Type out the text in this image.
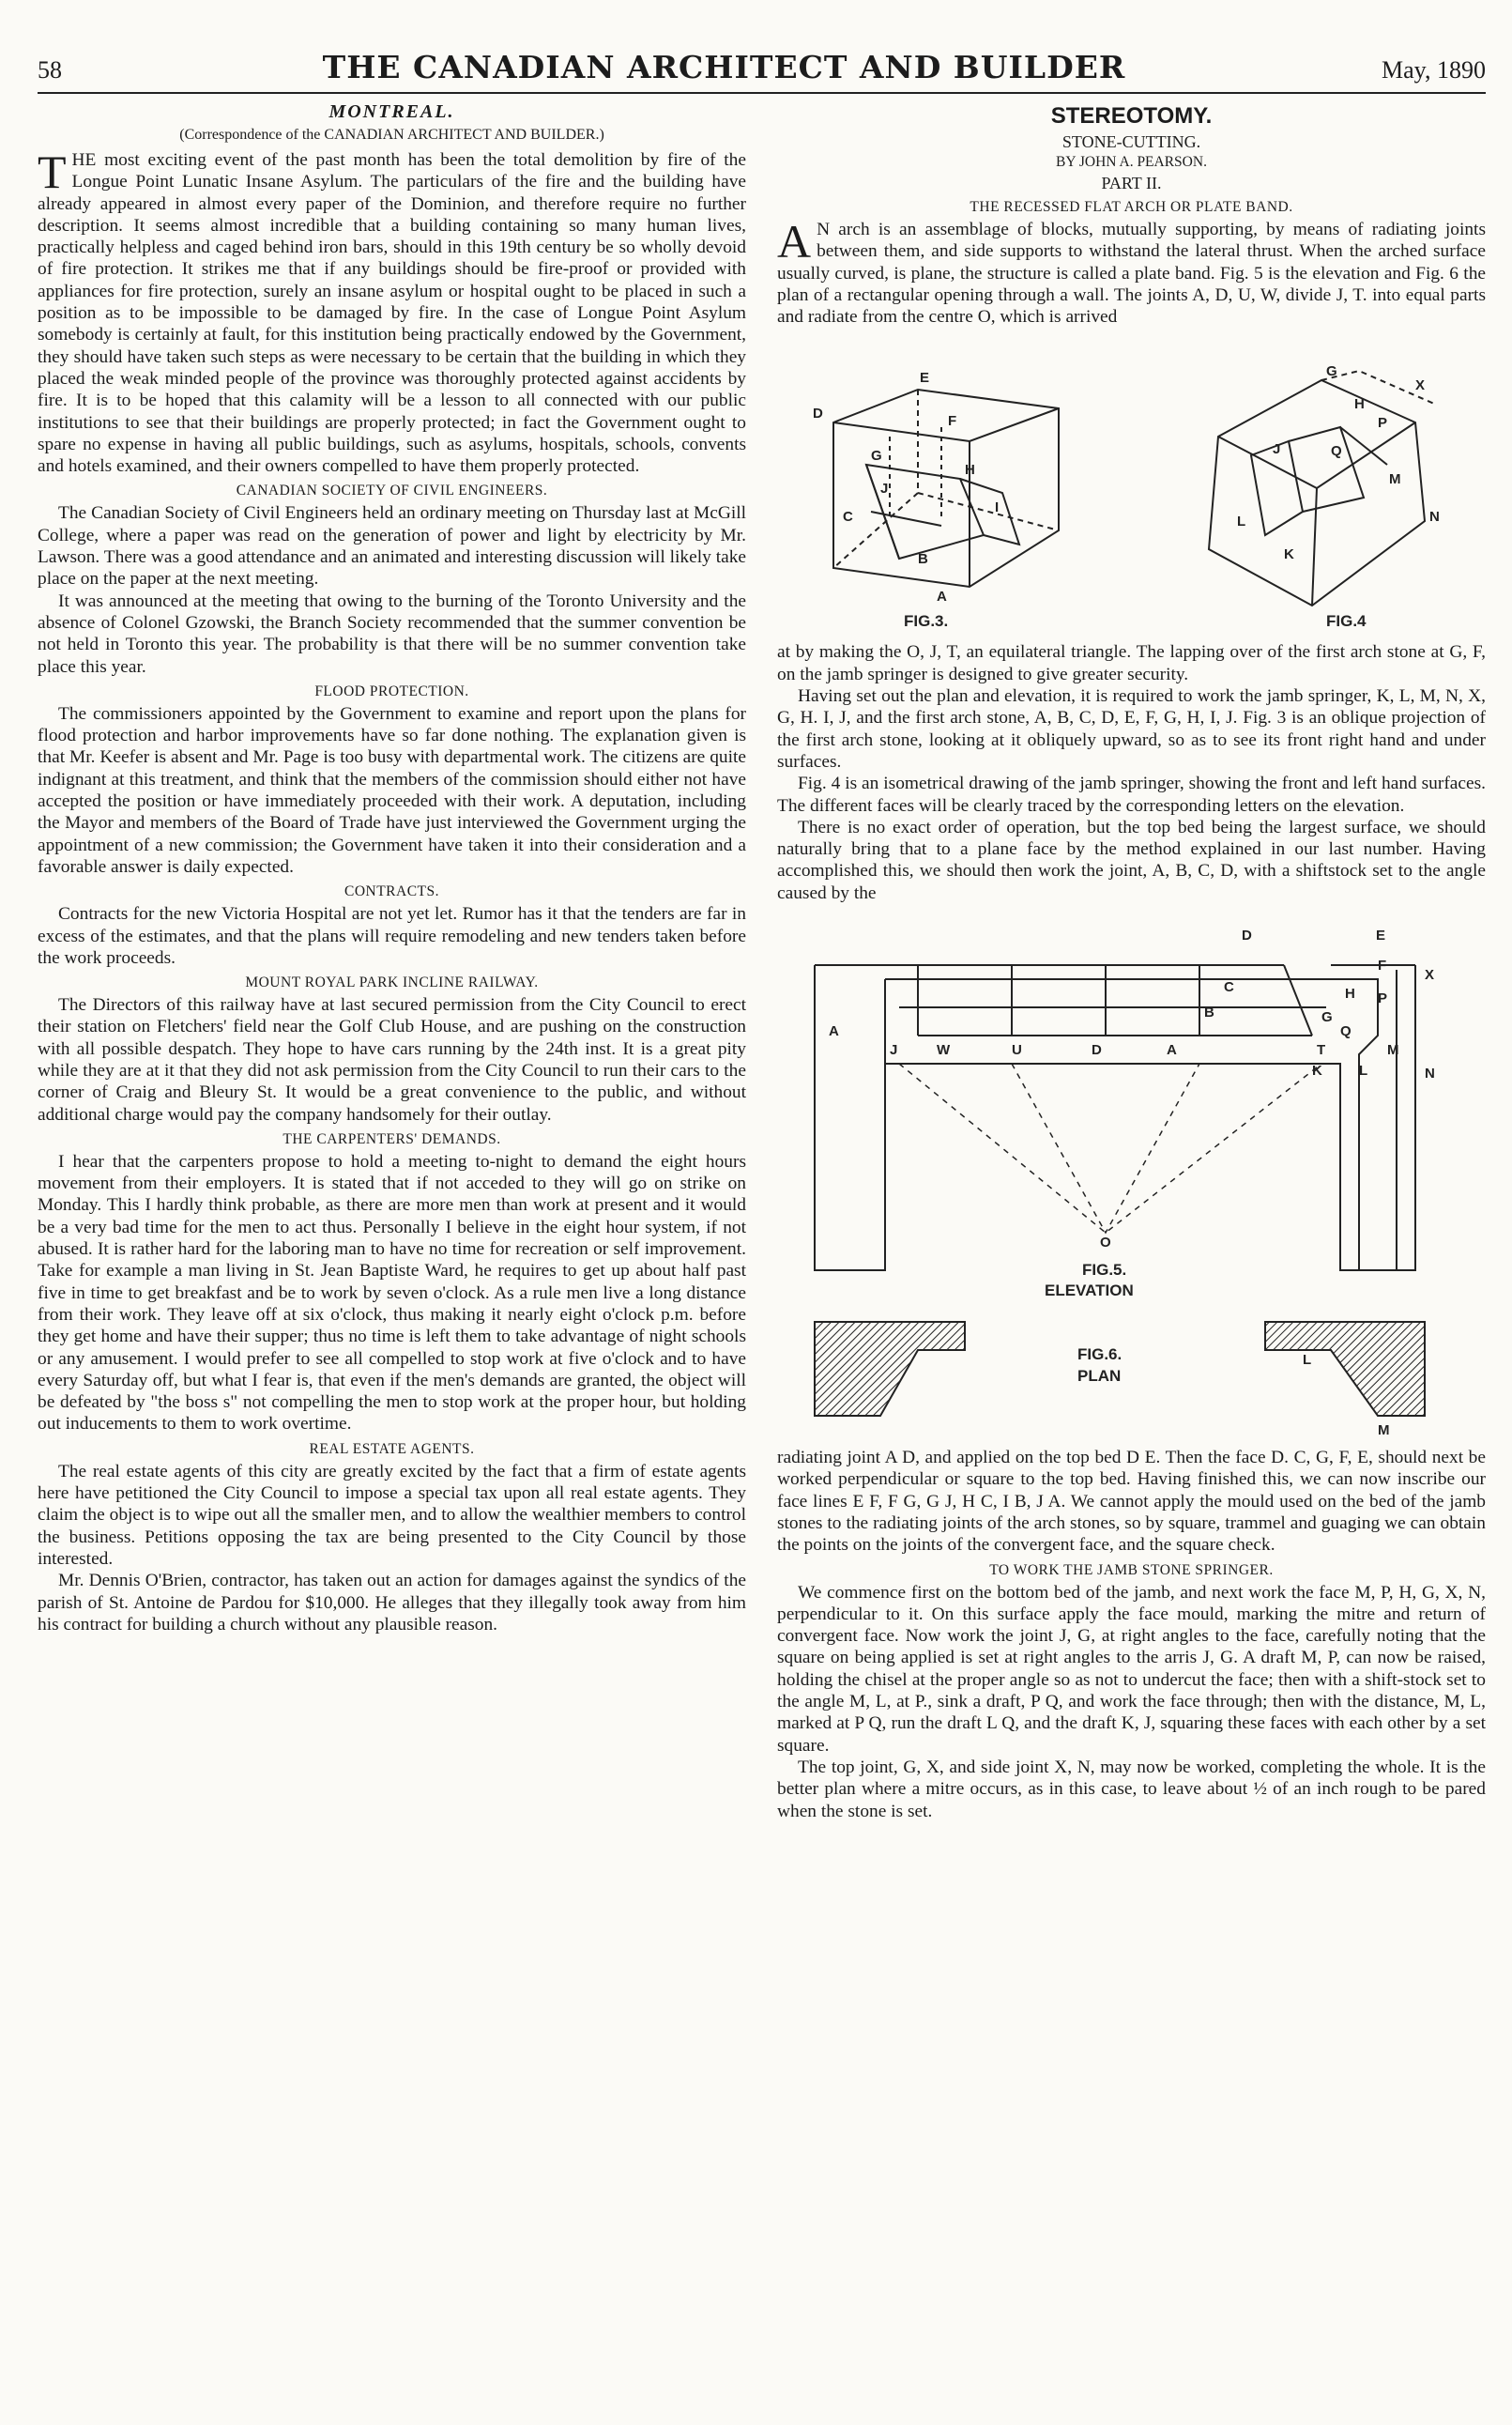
58	THE CANADIAN ARCHITECT AND BUILDER	May, 1890
MONTREAL.
(Correspondence of the CANADIAN ARCHITECT AND BUILDER.)

THE most exciting event of the past month has been the total demolition by fire of the Longue Point Lunatic Insane Asylum. The particulars of the fire and the building have already appeared in almost every paper of the Dominion, and therefore require no further description. It seems almost incredible that a building containing so many human lives, practically helpless and caged behind iron bars, should in this 19th century be so wholly devoid of fire protection. It strikes me that if any buildings should be fire-proof or provided with appliances for fire protection, surely an insane asylum or hospital ought to be placed in such a position as to be impossible to be damaged by fire. In the case of Longue Point Asylum somebody is certainly at fault, for this institution being practically endowed by the Government, they should have taken such steps as were necessary to be certain that the building in which they placed the weak minded people of the province was thoroughly protected against accidents by fire. It is to be hoped that this calamity will be a lesson to all connected with our public institutions to see that their buildings are properly protected; in fact the Government ought to spare no expense in having all public buildings, such as asylums, hospitals, schools, convents and hotels examined, and their owners compelled to have them properly protected.

CANADIAN SOCIETY OF CIVIL ENGINEERS.

The Canadian Society of Civil Engineers held an ordinary meeting on Thursday last at McGill College, where a paper was read on the generation of power and light by electricity by Mr. Lawson. There was a good attendance and an animated and interesting discussion will likely take place on the paper at the next meeting.

It was announced at the meeting that owing to the burning of the Toronto University and the absence of Colonel Gzowski, the Branch Society recommended that the summer convention be not held in Toronto this year. The probability is that there will be no summer convention take place this year.

FLOOD PROTECTION.

The commissioners appointed by the Government to examine and report upon the plans for flood protection and harbor improvements have so far done nothing. The explanation given is that Mr. Keefer is absent and Mr. Page is too busy with departmental work. The citizens are quite indignant at this treatment, and think that the members of the commission should either not have accepted the position or have immediately proceeded with their work. A deputation, including the Mayor and members of the Board of Trade have just interviewed the Government urging the appointment of a new commission; the Government have taken it into their consideration and a favorable answer is daily expected.

CONTRACTS.

Contracts for the new Victoria Hospital are not yet let. Rumor has it that the tenders are far in excess of the estimates, and that the plans will require remodeling and new tenders taken before the work proceeds.

MOUNT ROYAL PARK INCLINE RAILWAY.

The Directors of this railway have at last secured permission from the City Council to erect their station on Fletchers' field near the Golf Club House, and are pushing on the construction with all possible despatch. They hope to have cars running by the 24th inst. It is a great pity while they are at it that they did not ask permission from the City Council to run their cars to the corner of Craig and Bleury St. It would be a great convenience to the public, and without additional charge would pay the company handsomely for their outlay.

THE CARPENTERS' DEMANDS.

I hear that the carpenters propose to hold a meeting to-night to demand the eight hours movement from their employers. It is stated that if not acceded to they will go on strike on Monday. This I hardly think probable, as there are more men than work at present and it would be a very bad time for the men to act thus. Personally I believe in the eight hour system, if not abused. It is rather hard for the laboring man to have no time for recreation or self improvement. Take for example a man living in St. Jean Baptiste Ward, he requires to get up about half past five in time to get breakfast and be to work by seven o'clock. As a rule men live a long distance from their work. They leave off at six o'clock, thus making it nearly eight o'clock p.m. before they get home and have their supper; thus no time is left them to take advantage of night schools or any amusement. I would prefer to see all compelled to stop work at five o'clock and to have every Saturday off, but what I fear is, that even if the men's demands are granted, the object will be defeated by "the boss s" not compelling the men to stop work at the proper hour, but holding out inducements to them to work overtime.

REAL ESTATE AGENTS.

The real estate agents of this city are greatly excited by the fact that a firm of estate agents here have petitioned the City Council to impose a special tax upon all real estate agents. They claim the object is to wipe out all the smaller men, and to allow the wealthier members to control the business. Petitions opposing the tax are being presented to the City Council by those interested.

Mr. Dennis O'Brien, contractor, has taken out an action for damages against the syndics of the parish of St. Antoine de Pardou for $10,000. He alleges that they illegally took away from him his contract for building a church without any plausible reason.

STEREOTOMY.
STONE-CUTTING.
BY JOHN A. PEARSON.
PART II.
THE RECESSED FLAT ARCH OR PLATE BAND.

A N arch is an assemblage of blocks, mutually supporting, by means of radiating joints between them, and side supports to withstand the lateral thrust. When the arched surface usually curved, is plane, the structure is called a plate band. Fig. 5 is the elevation and Fig. 6 the plan of a rectangular opening through a wall. The joints A, D, U, W, divide J, T. into equal parts and radiate from the centre O, which is arrived

E
D	F
G
H
J
I
C
B
A
G
X
H
P
J	Q
M
N
L
K
FIG.3.	FIG.4

at by making the O, J, T, an equilateral triangle. The lapping over of the first arch stone at G, F, on the jamb springer is designed to give greater security.

Having set out the plan and elevation, it is required to work the jamb springer, K, L, M, N, X, G, H. I, J, and the first arch stone, A, B, C, D, E, F, G, H, I, J. Fig. 3 is an oblique projection of the first arch stone, looking at it obliquely upward, so as to see its front right hand and under surfaces.

Fig. 4 is an isometrical drawing of the jamb springer, showing the front and left hand surfaces. The different faces will be clearly traced by the corresponding letters on the elevation.

There is no exact order of operation, but the top bed being the largest surface, we should naturally bring that to a plane face by the method explained in our last number. Having accomplished this, we should then work the joint, A, B, C, D, with a shiftstock set to the angle caused by the

D	E
X
F
C	H P
B	G
Q
A
J	W	U	D	A
K	L
M
N
O
T
L
M
FIG.5.
ELEVATION
FIG.6.
PLAN

radiating joint A D, and applied on the top bed D E. Then the face D. C, G, F, E, should next be worked perpendicular or square to the top bed. Having finished this, we can now inscribe our face lines E F, F G, G J, H C, I B, J A. We cannot apply the mould used on the bed of the jamb stones to the radiating joints of the arch stones, so by square, trammel and guaging we can obtain the points on the joints of the convergent face, and the square check.

TO WORK THE JAMB STONE SPRINGER.

We commence first on the bottom bed of the jamb, and next work the face M, P, H, G, X, N, perpendicular to it. On this surface apply the face mould, marking the mitre and return of convergent face. Now work the joint J, G, at right angles to the face, carefully noting that the square on being applied is set at right angles to the arris J, G. A draft M, P, can now be raised, holding the chisel at the proper angle so as not to undercut the face; then with a shift-stock set to the angle M, L, at P., sink a draft, P Q, and work the face through; then with the distance, M, L, marked at P Q, run the draft L Q, and the draft K, J, squaring these faces with each other by a set square.

The top joint, G, X, and side joint X, N, may now be worked, completing the whole. It is the better plan where a mitre occurs, as in this case, to leave about ½ of an inch rough to be pared when the stone is set.
